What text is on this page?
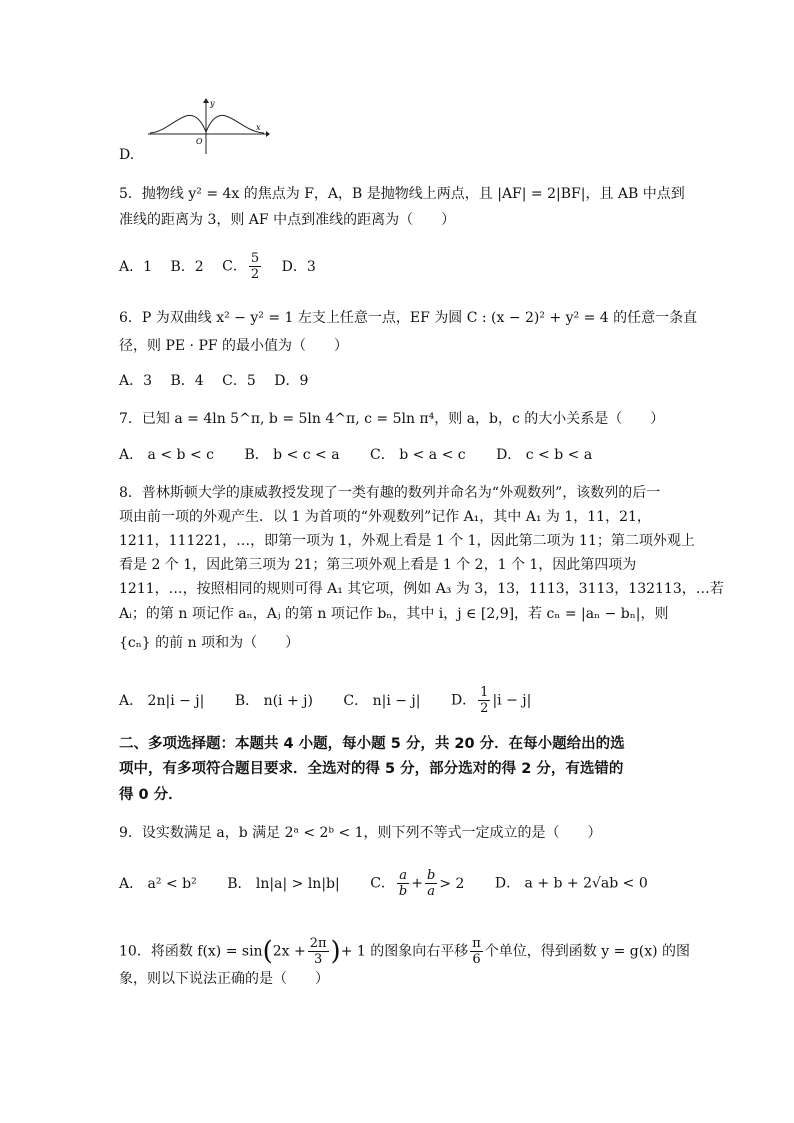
y
x
O
D.
5．抛物线 y² = 4x 的焦点为 F，A，B 是抛物线上两点，且 |AF| = 2|BF|，且 AB 中点到
准线的距离为 3，则 AF 中点到准线的距离为（　　）
A．1 B．2 C． $\frac{5}{2}$ D．3
6．P 为双曲线 x² − y² = 1 左支上任意一点，EF 为圆 C : (x − 2)² + y² = 4 的任意一条直
径，则 PE · PF 的最小值为（　　）
A．3 B．4 C．5 D．9
7．已知 a = 4ln 5^π, b = 5ln 4^π, c = 5ln π⁴，则 a，b，c 的大小关系是（　　）
A． a < b < c B． b < c < a C． b < a < c D． c < b < a
8．普林斯顿大学的康威教授发现了一类有趣的数列并命名为“外观数列”，该数列的后一
项由前一项的外观产生．以 1 为首项的“外观数列”记作 A₁，其中 A₁ 为 1，11，21，
1211，111221，…，即第一项为 1，外观上看是 1 个 1，因此第二项为 11；第二项外观上
看是 2 个 1，因此第三项为 21；第三项外观上看是 1 个 2，1 个 1，因此第四项为
1211，…，按照相同的规则可得 A₁ 其它项，例如 A₃ 为 3，13，1113，3113，132113，…若
Aᵢ；的第 n 项记作 aₙ，Aⱼ 的第 n 项记作 bₙ，其中 i，j ∈ [2,9]，若 cₙ = |aₙ − bₙ|，则
{cₙ} 的前 n 项和为（　　）
A． 2n|i − j| B． n(i + j) C． n|i − j| D． $\frac{1}{2} |i - j|$
二、多项选择题：本题共 4 小题，每小题 5 分，共 20 分．在每小题给出的选
项中，有多项符合题目要求．全选对的得 5 分，部分选对的得 2 分，有选错的
得 0 分．
9．设实数满足 a，b 满足 2ᵃ < 2ᵇ < 1，则下列不等式一定成立的是（　　）
A． a² < b² B． ln|a| > ln|b| C． $\frac{a}{b} + \frac{b}{a} > 2$ D． a + b + 2√ab < 0
10．将函数 $f(x) = \sin(2x + \frac{2\pi}{3}$ )+ 1 的图象向右平移 $\frac{\pi}{6}$ 个单位，得到函数 y = g(x) 的图
象，则以下说法正确的是（　　）
